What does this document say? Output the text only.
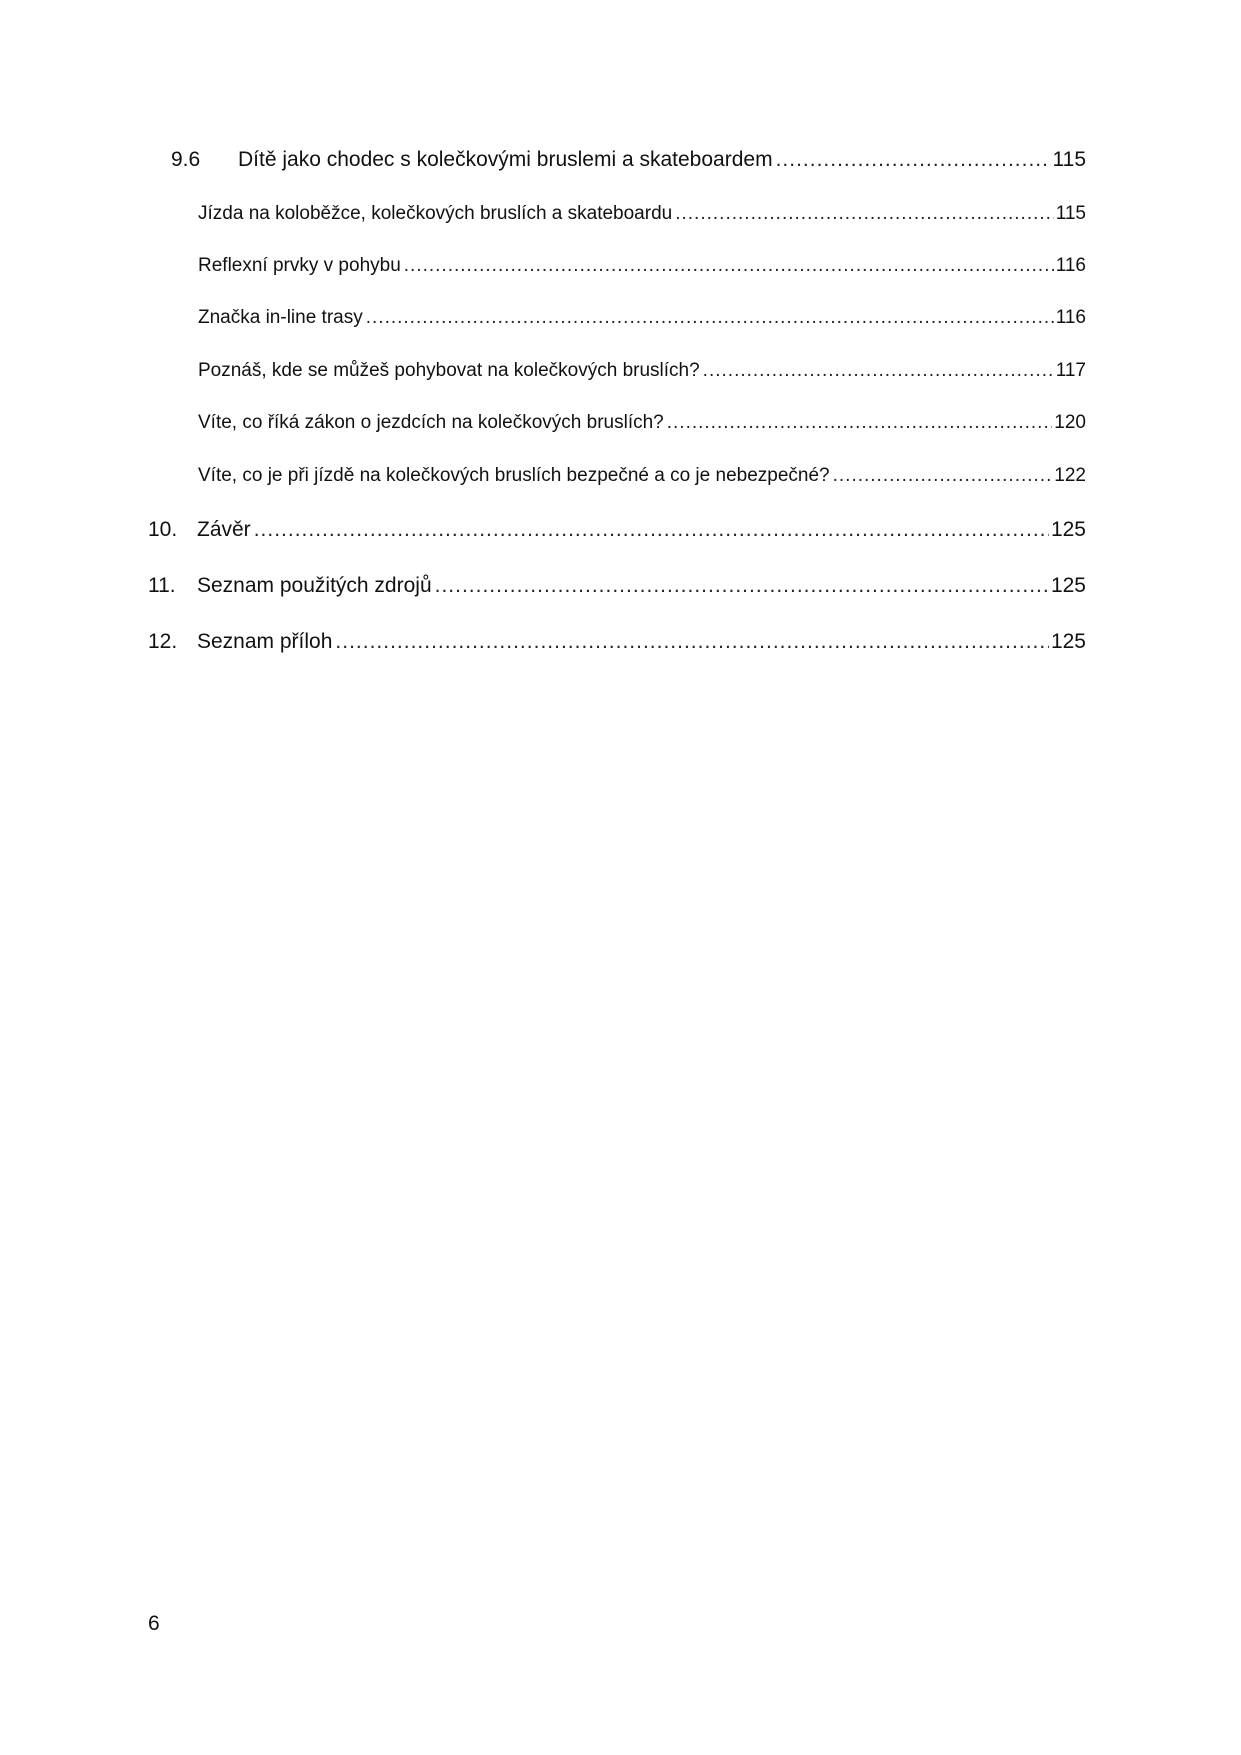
9.6	Dítě jako chodec s kolečkovými bruslemi a skateboardem .....	115
Jízda na koloběžce, kolečkových bruslích a skateboardu .....	115
Reflexní prvky v pohybu .....	116
Značka in-line trasy .....	116
Poznáš, kde se můžeš pohybovat na kolečkových bruslích? .....	117
Víte, co říká zákon o jezdcích na kolečkových bruslích? .....	120
Víte, co je při jízdě na kolečkových bruslích bezpečné a co je nebezpečné? .....	122
10. Závěr .....	125
11.	Seznam použitých zdrojů .....	125
12. Seznam příloh .....	125
6
